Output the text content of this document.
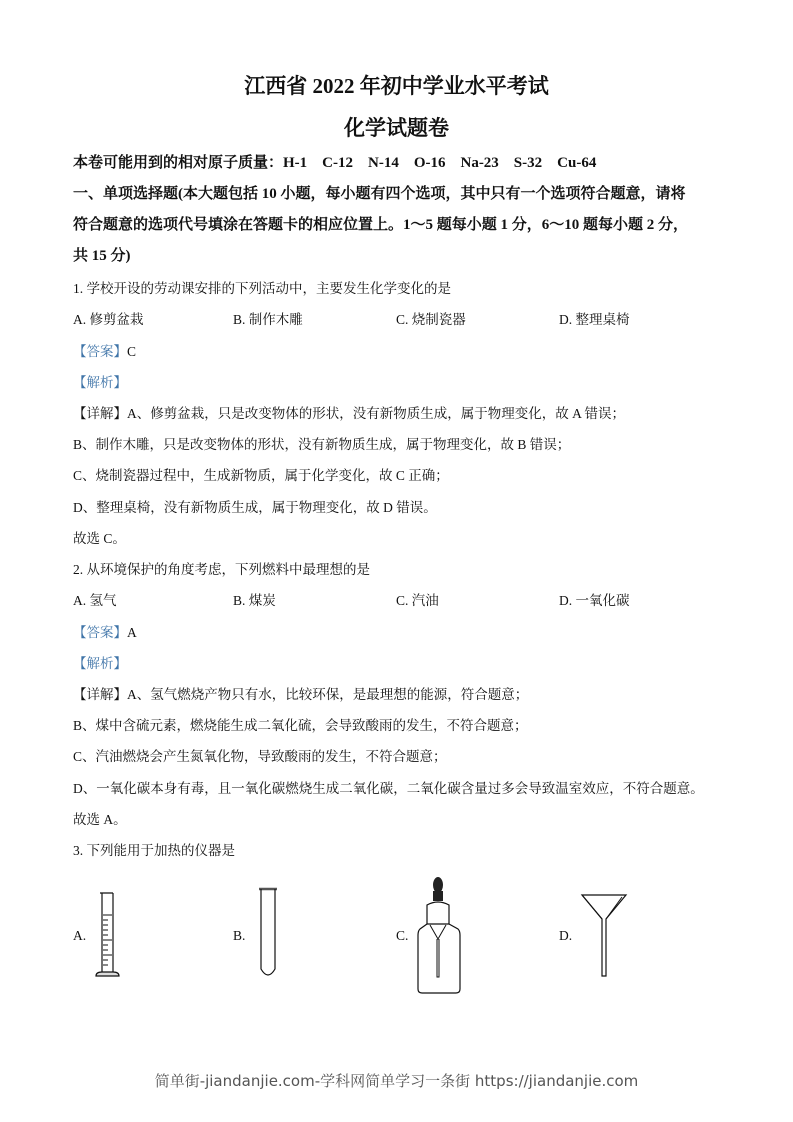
江西省 2022 年初中学业水平考试
化学试题卷
本卷可能用到的相对原子质量：H-1　C-12　N-14　O-16　Na-23　S-32　Cu-64
一、单项选择题(本大题包括 10 小题，每小题有四个选项，其中只有一个选项符合题意，请将
符合题意的选项代号填涂在答题卡的相应位置上。1～5 题每小题 1 分，6～10 题每小题 2 分，
共 15 分)
1. 学校开设的劳动课安排的下列活动中，主要发生化学变化的是
A. 修剪盆栽	B. 制作木雕	C. 烧制瓷器	D. 整理桌椅
【答案】C
【解析】
【详解】A、修剪盆栽，只是改变物体的形状，没有新物质生成，属于物理变化，故 A 错误；
B、制作木雕，只是改变物体的形状，没有新物质生成，属于物理变化，故 B 错误；
C、烧制瓷器过程中，生成新物质，属于化学变化，故 C 正确；
D、整理桌椅，没有新物质生成，属于物理变化，故 D 错误。
故选 C。
2. 从环境保护的角度考虑，下列燃料中最理想的是
A. 氢气	B. 煤炭	C. 汽油	D. 一氧化碳
【答案】A
【解析】
【详解】A、氢气燃烧产物只有水，比较环保，是最理想的能源，符合题意；
B、煤中含硫元素，燃烧能生成二氧化硫，会导致酸雨的发生，不符合题意；
C、汽油燃烧会产生氮氧化物，导致酸雨的发生，不符合题意；
D、一氧化碳本身有毒，且一氧化碳燃烧生成二氧化碳，二氧化碳含量过多会导致温室效应，不符合题意。
故选 A。
3. 下列能用于加热的仪器是
A.	B.	C.	D.
简单街-jiandanjie.com-学科网简单学习一条街 https://jiandanjie.com
